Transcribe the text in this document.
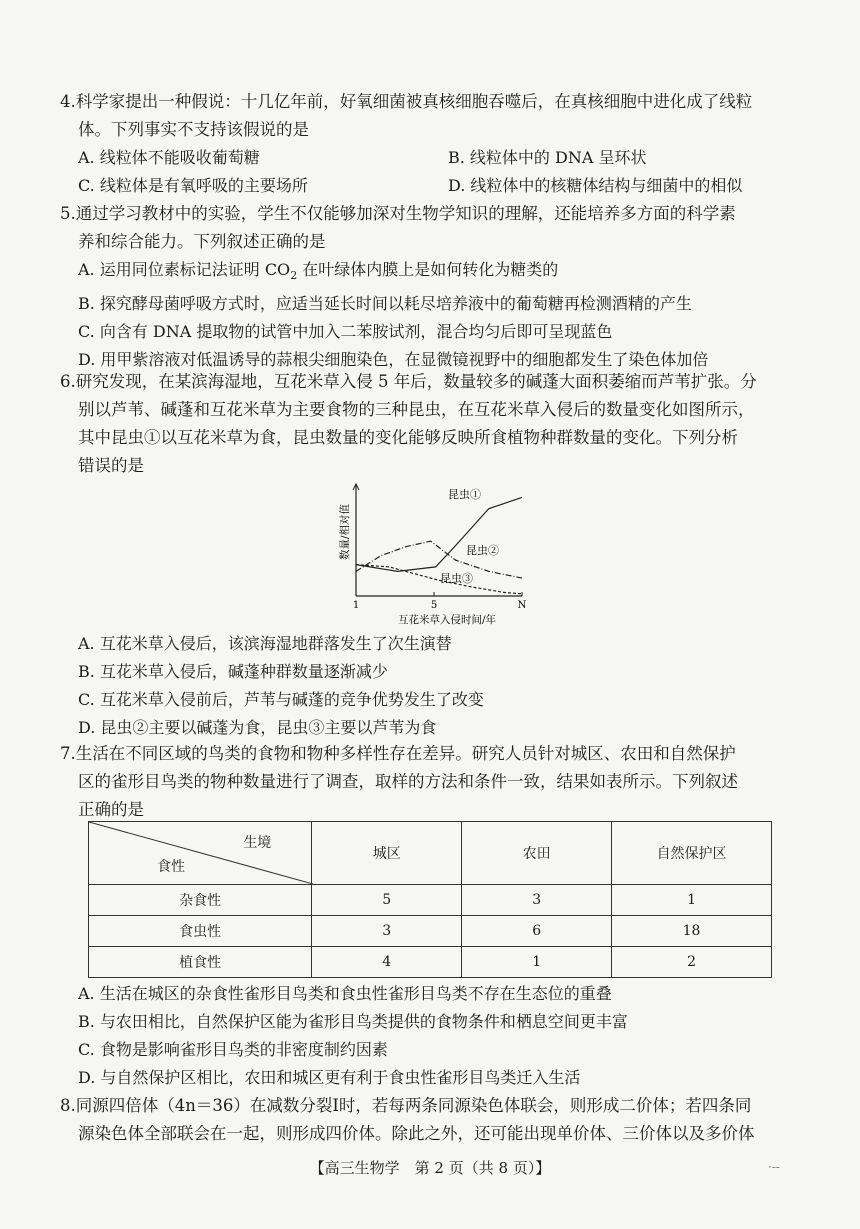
4.科学家提出一种假说：十几亿年前，好氧细菌被真核细胞吞噬后，在真核细胞中进化成了线粒
体。下列事实不支持该假说的是
A. 线粒体不能吸收葡萄糖	B. 线粒体中的 DNA 呈环状
C. 线粒体是有氧呼吸的主要场所	D. 线粒体中的核糖体结构与细菌中的相似
5.通过学习教材中的实验，学生不仅能够加深对生物学知识的理解，还能培养多方面的科学素
养和综合能力。下列叙述正确的是
A. 运用同位素标记法证明 $CO_2$ 在叶绿体内膜上是如何转化为糖类的
B. 探究酵母菌呼吸方式时，应适当延长时间以耗尽培养液中的葡萄糖再检测酒精的产生
C. 向含有 DNA 提取物的试管中加入二苯胺试剂，混合均匀后即可呈现蓝色
D. 用甲紫溶液对低温诱导的蒜根尖细胞染色，在显微镜视野中的细胞都发生了染色体加倍
6.研究发现，在某滨海湿地，互花米草入侵 5 年后，数量较多的碱蓬大面积萎缩而芦苇扩张。分
别以芦苇、碱蓬和互花米草为主要食物的三种昆虫，在互花米草入侵后的数量变化如图所示，
其中昆虫①以互花米草为食，昆虫数量的变化能够反映所食植物种群数量的变化。下列分析
错误的是
1	5	N
互花米草入侵时间/年
数量/相对值
昆虫①
昆虫②
昆虫③
A. 互花米草入侵后，该滨海湿地群落发生了次生演替
B. 互花米草入侵后，碱蓬种群数量逐渐减少
C. 互花米草入侵前后，芦苇与碱蓬的竞争优势发生了改变
D. 昆虫②主要以碱蓬为食，昆虫③主要以芦苇为食
7.生活在不同区域的鸟类的食物和物种多样性存在差异。研究人员针对城区、农田和自然保护
区的雀形目鸟类的物种数量进行了调查，取样的方法和条件一致，结果如表所示。下列叙述
正确的是
生境
食性	城区	农田	自然保护区
杂食性	5	3	1
食虫性	3	6	18
植食性	4	1	2
A. 生活在城区的杂食性雀形目鸟类和食虫性雀形目鸟类不存在生态位的重叠
B. 与农田相比，自然保护区能为雀形目鸟类提供的食物条件和栖息空间更丰富
C. 食物是影响雀形目鸟类的非密度制约因素
D. 与自然保护区相比，农田和城区更有利于食虫性雀形目鸟类迁入生活
8.同源四倍体（4n＝36）在减数分裂Ⅰ时，若每两条同源染色体联会，则形成二价体；若四条同
源染色体全部联会在一起，则形成四价体。除此之外，还可能出现单价体、三价体以及多价体
【高三生物学　第 2 页（共 8 页）】	·--
